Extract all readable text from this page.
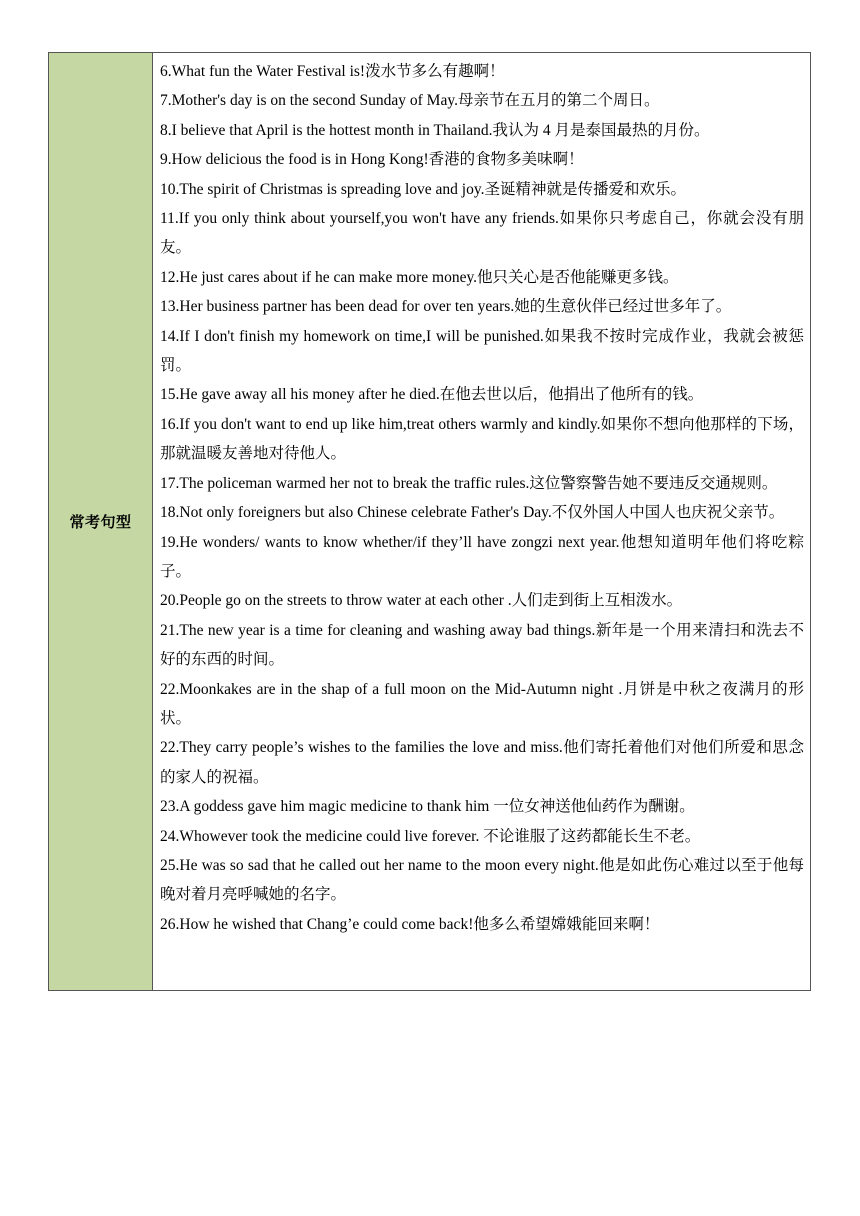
常考句型

6.What fun the Water Festival is!泼水节多么有趣啊！

7.Mother's day is on the second Sunday of May.母亲节在五月的第二个周日。

8.I believe that April is the hottest month in Thailand.我认为 4 月是泰国最热的月份。

9.How delicious the food is in Hong Kong!香港的食物多美味啊！

10.The spirit of Christmas is spreading love and joy.圣诞精神就是传播爱和欢乐。

11.If you only think about yourself,you won't have any friends.如果你只考虑自己，你就会没有朋友。

12.He just cares about if he can make more money.他只关心是否他能赚更多钱。

13.Her business partner has been dead for over ten years.她的生意伙伴已经过世多年了。

14.If I don't finish my homework on time,I will be punished.如果我不按时完成作业，我就会被惩罚。

15.He gave away all his money after he died.在他去世以后，他捐出了他所有的钱。

16.If you don't want to end up like him,treat others warmly and kindly.如果你不想向他那样的下场，那就温暖友善地对待他人。

17.The policeman warmed her not to break the traffic rules.这位警察警告她不要违反交通规则。

18.Not only foreigners but also Chinese celebrate Father's Day.不仅外国人中国人也庆祝父亲节。

19.He wonders/ wants to know whether/if they’ll have zongzi next year.他想知道明年他们将吃粽子。

20.People go on the streets to throw water at each other .人们走到街上互相泼水。

21.The new year is a time for cleaning and washing away bad things.新年是一个用来清扫和洗去不好的东西的时间。

22.Moonkakes are in the shap of a full moon on the Mid-Autumn night .月饼是中秋之夜满月的形状。

22.They carry people’s wishes to the families the love and miss.他们寄托着他们对他们所爱和思念的家人的祝福。

23.A goddess gave him magic medicine to thank him 一位女神送他仙药作为酬谢。

24.Whowever took the medicine could live forever. 不论谁服了这药都能长生不老。

25.He was so sad that he called out her name to the moon every night.他是如此伤心难过以至于他每晚对着月亮呼喊她的名字。

26.How he wished that Chang’e could come back!他多么希望嫦娥能回来啊！
